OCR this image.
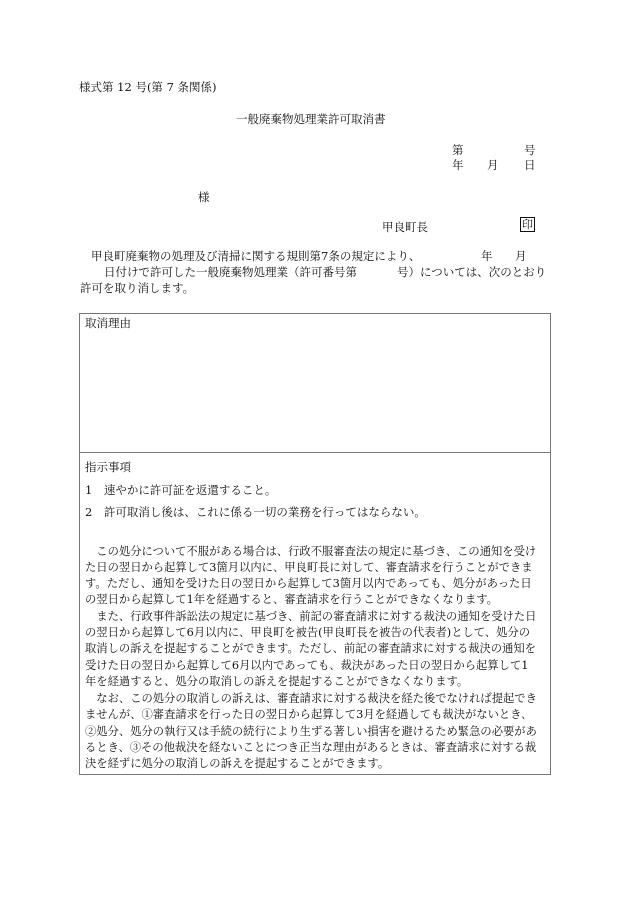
様式第 12 号(第 7 条関係)
一般廃棄物処理業許可取消書
第	号
年 月 日
様
甲良町長	印
甲良町廃棄物の処理及び清掃に関する規則第7条の規定により、	年 月
日付けで許可した一般廃棄物処理業（許可番号第	号）については、次のとおり
許可を取り消します。
取消理由
指示事項
1　速やかに許可証を返還すること。
2　許可取消し後は、これに係る一切の業務を行ってはならない。
　この処分について不服がある場合は、行政不服審査法の規定に基づき、この通知を受け
た日の翌日から起算して3箇月以内に、甲良町長に対して、審査請求を行うことができま
す。ただし、通知を受けた日の翌日から起算して3箇月以内であっても、処分があった日
の翌日から起算して1年を経過すると、審査請求を行うことができなくなります。
　また、行政事件訴訟法の規定に基づき、前記の審査請求に対する裁決の通知を受けた日
の翌日から起算して6月以内に、甲良町を被告(甲良町長を被告の代表者)として、処分の
取消しの訴えを提起することができます。ただし、前記の審査請求に対する裁決の通知を
受けた日の翌日から起算して6月以内であっても、裁決があった日の翌日から起算して1
年を経過すると、処分の取消しの訴えを提起することができなくなります。
　なお、この処分の取消しの訴えは、審査請求に対する裁決を経た後でなければ提起でき
ませんが、①審査請求を行った日の翌日から起算して3月を経過しても裁決がないとき、
②処分、処分の執行又は手続の続行により生ずる著しい損害を避けるため緊急の必要があ
るとき、③その他裁決を経ないことにつき正当な理由があるときは、審査請求に対する裁
決を経ずに処分の取消しの訴えを提起することができます。
